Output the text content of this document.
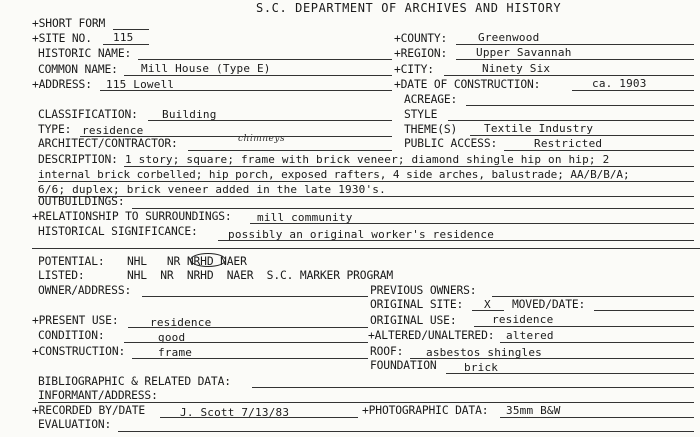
S.C. DEPARTMENT OF ARCHIVES AND HISTORY
+SHORT FORM
+SITE NO. 115	+COUNTY:	Greenwood
HISTORIC NAME:	+REGION:	Upper Savannah
COMMON NAME: Mill House (Type E)	+CITY:	Ninety Six
+ADDRESS: 115 Lowell	+DATE OF CONSTRUCTION:	ca. 1903
ACREAGE:
CLASSIFICATION: Building	STYLE
TYPE: residence	THEME(S) Textile Industry
ARCHITECT/CONTRACTOR:	PUBLIC ACCESS:	Restricted
chimneys
DESCRIPTION: 1 story; square; frame with brick veneer; diamond shingle hip on hip; 2
internal brick corbelled; hip porch, exposed rafters, 4 side arches, balustrade; AA/B/B/A;
6/6; duplex; brick veneer added in the late 1930's.
OUTBUILDINGS:
+RELATIONSHIP TO SURROUNDINGS: mill community
HISTORICAL SIGNIFICANCE:	possibly an original worker's residence
POTENTIAL: NHL   NR NRHD NAER
LISTED:	NHL  NR  NRHD  NAER  S.C. MARKER PROGRAM
OWNER/ADDRESS:	PREVIOUS OWNERS:
ORIGINAL SITE: X MOVED/DATE:
+PRESENT USE:	residence	ORIGINAL USE:	residence
CONDITION:	good	+ALTERED/UNALTERED: altered
+CONSTRUCTION:	frame	ROOF: asbestos shingles
FOUNDATION brick
BIBLIOGRAPHIC & RELATED DATA:
INFORMANT/ADDRESS:
+RECORDED BY/DATE	J. Scott 7/13/83	+PHOTOGRAPHIC DATA: 35mm B&W
EVALUATION:
